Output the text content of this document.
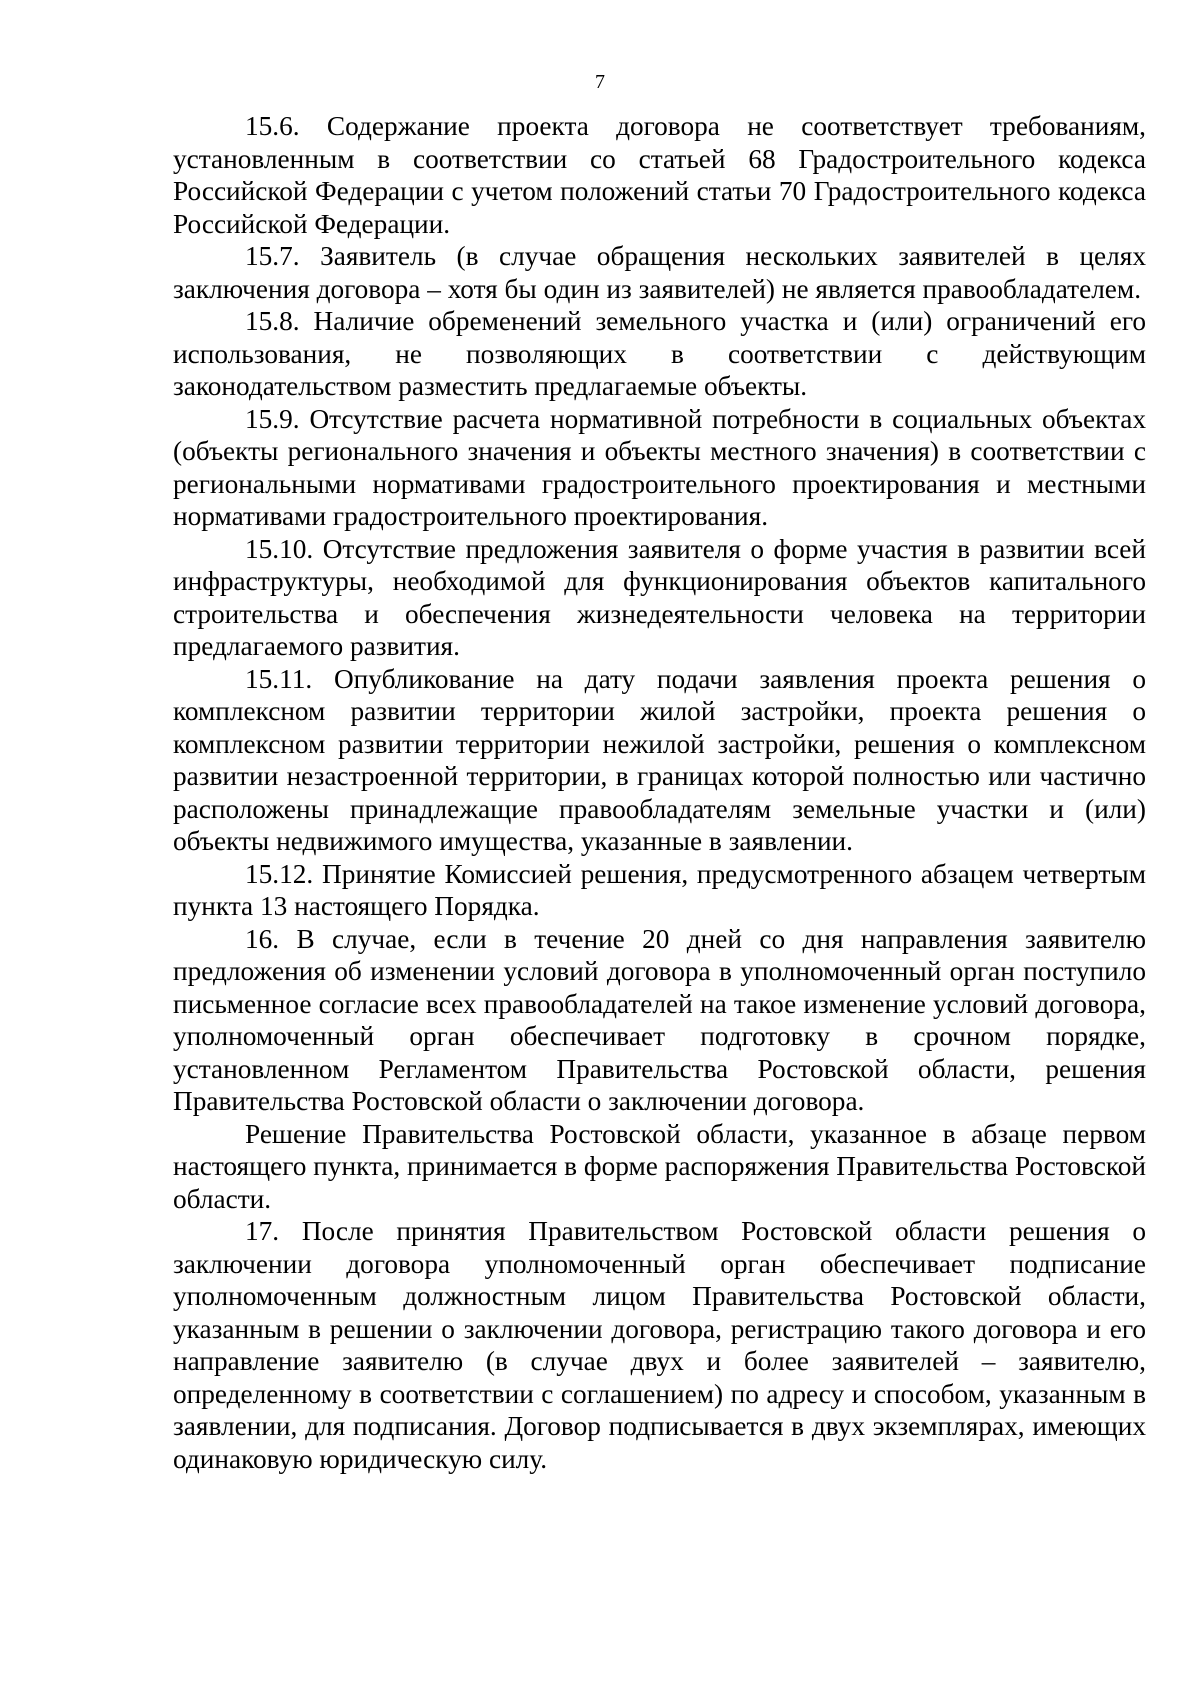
7

15.6. Содержание проекта договора не соответствует требованиям, установленным в соответствии со статьей 68 Градостроительного кодекса Российской Федерации с учетом положений статьи 70 Градостроительного кодекса Российской Федерации.

15.7. Заявитель (в случае обращения нескольких заявителей в целях заключения договора – хотя бы один из заявителей) не является правообладателем.

15.8. Наличие обременений земельного участка и (или) ограничений его использования, не позволяющих в соответствии с действующим законодательством разместить предлагаемые объекты.

15.9. Отсутствие расчета нормативной потребности в социальных объектах (объекты регионального значения и объекты местного значения) в соответствии с региональными нормативами градостроительного проектирования и местными нормативами градостроительного проектирования.

15.10. Отсутствие предложения заявителя о форме участия в развитии всей инфраструктуры, необходимой для функционирования объектов капитального строительства и обеспечения жизнедеятельности человека на территории предлагаемого развития.

15.11. Опубликование на дату подачи заявления проекта решения о комплексном развитии территории жилой застройки, проекта решения о комплексном развитии территории нежилой застройки, решения о комплексном развитии незастроенной территории, в границах которой полностью или частично расположены принадлежащие правообладателям земельные участки и (или) объекты недвижимого имущества, указанные в заявлении.

15.12. Принятие Комиссией решения, предусмотренного абзацем четвертым пункта 13 настоящего Порядка.

16. В случае, если в течение 20 дней со дня направления заявителю предложения об изменении условий договора в уполномоченный орган поступило письменное согласие всех правообладателей на такое изменение условий договора, уполномоченный орган обеспечивает подготовку в срочном порядке, установленном Регламентом Правительства Ростовской области, решения Правительства Ростовской области о заключении договора.

Решение Правительства Ростовской области, указанное в абзаце первом настоящего пункта, принимается в форме распоряжения Правительства Ростовской области.

17. После принятия Правительством Ростовской области решения о заключении договора уполномоченный орган обеспечивает подписание уполномоченным должностным лицом Правительства Ростовской области, указанным в решении о заключении договора, регистрацию такого договора и его направление заявителю (в случае двух и более заявителей – заявителю, определенному в соответствии с соглашением) по адресу и способом, указанным в заявлении, для подписания. Договор подписывается в двух экземплярах, имеющих одинаковую юридическую силу.
